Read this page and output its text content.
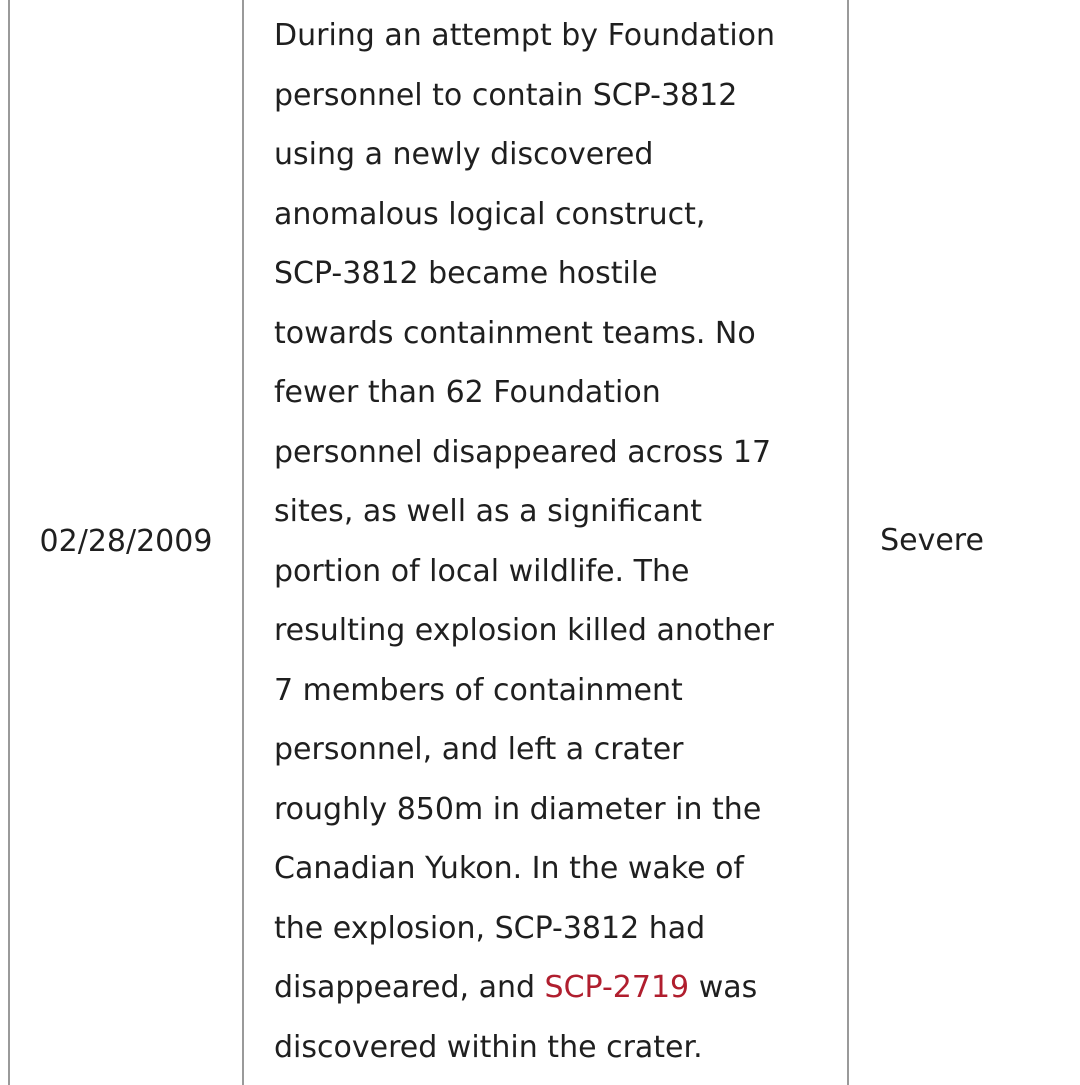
02/28/2009
During an attempt by Foundation
personnel to contain SCP-3812
using a newly discovered
anomalous logical construct,
SCP-3812 became hostile
towards containment teams. No
fewer than 62 Foundation
personnel disappeared across 17
sites, as well as a significant
portion of local wildlife. The
resulting explosion killed another
7 members of containment
personnel, and left a crater
roughly 850m in diameter in the
Canadian Yukon. In the wake of
the explosion, SCP-3812 had
disappeared, and SCP-2719 was
discovered within the crater.
Severe
